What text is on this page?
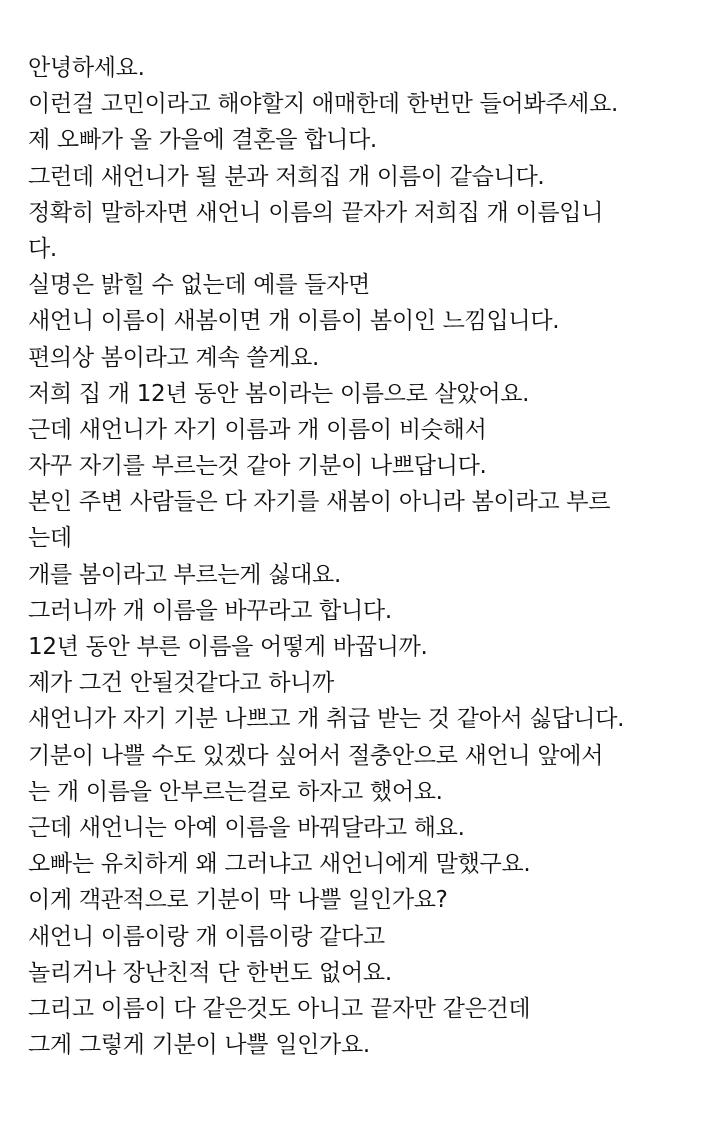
안녕하세요.
이런걸 고민이라고 해야할지 애매한데 한번만 들어봐주세요.
제 오빠가 올 가을에 결혼을 합니다.
그런데 새언니가 될 분과 저희집 개 이름이 같습니다.
정확히 말하자면 새언니 이름의 끝자가 저희집 개 이름입니
다.
실명은 밝힐 수 없는데 예를 들자면
새언니 이름이 새봄이면 개 이름이 봄이인 느낌입니다.
편의상 봄이라고 계속 쓸게요.
저희 집 개 12년 동안 봄이라는 이름으로 살았어요.
근데 새언니가 자기 이름과 개 이름이 비슷해서
자꾸 자기를 부르는것 같아 기분이 나쁘답니다.
본인 주변 사람들은 다 자기를 새봄이 아니라 봄이라고 부르
는데
개를 봄이라고 부르는게 싫대요.
그러니까 개 이름을 바꾸라고 합니다.
12년 동안 부른 이름을 어떻게 바꿉니까.
제가 그건 안될것같다고 하니까
새언니가 자기 기분 나쁘고 개 취급 받는 것 같아서 싫답니다.
기분이 나쁠 수도 있겠다 싶어서 절충안으로 새언니 앞에서
는 개 이름을 안부르는걸로 하자고 했어요.
근데 새언니는 아예 이름을 바꿔달라고 해요.
오빠는 유치하게 왜 그러냐고 새언니에게 말했구요.
이게 객관적으로 기분이 막 나쁠 일인가요?
새언니 이름이랑 개 이름이랑 같다고
놀리거나 장난친적 단 한번도 없어요.
그리고 이름이 다 같은것도 아니고 끝자만 같은건데
그게 그렇게 기분이 나쁠 일인가요.
